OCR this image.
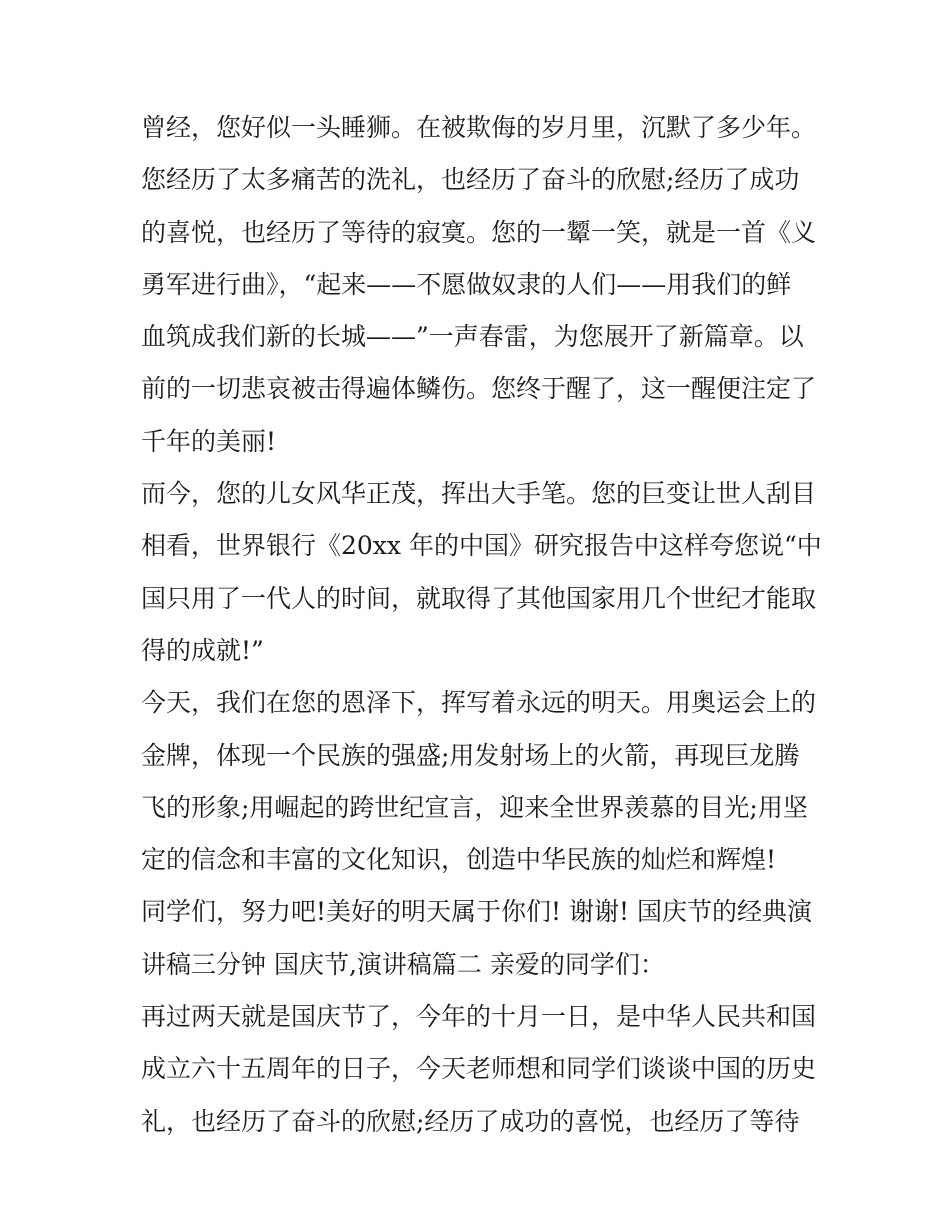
曾经，您好似一头睡狮。在被欺侮的岁月里，沉默了多少年。
您经历了太多痛苦的洗礼，也经历了奋斗的欣慰;经历了成功
的喜悦，也经历了等待的寂寞。您的一颦一笑，就是一首《义
勇军进行曲》，“起来——不愿做奴隶的人们——用我们的鲜
血筑成我们新的长城——”一声春雷，为您展开了新篇章。以
前的一切悲哀被击得遍体鳞伤。您终于醒了，这一醒便注定了
千年的美丽!
而今，您的儿女风华正茂，挥出大手笔。您的巨变让世人刮目
相看，世界银行《20xx 年的中国》研究报告中这样夸您说“中
国只用了一代人的时间，就取得了其他国家用几个世纪才能取
得的成就!”
今天，我们在您的恩泽下，挥写着永远的明天。用奥运会上的
金牌，体现一个民族的强盛;用发射场上的火箭，再现巨龙腾
飞的形象;用崛起的跨世纪宣言，迎来全世界羡慕的目光;用坚
定的信念和丰富的文化知识，创造中华民族的灿烂和辉煌!
同学们，努力吧!美好的明天属于你们! 谢谢! 国庆节的经典演
讲稿三分钟 国庆节,演讲稿篇二 亲爱的同学们：
再过两天就是国庆节了，今年的十月一日，是中华人民共和国
成立六十五周年的日子，今天老师想和同学们谈谈中国的历史
礼，也经历了奋斗的欣慰;经历了成功的喜悦，也经历了等待
